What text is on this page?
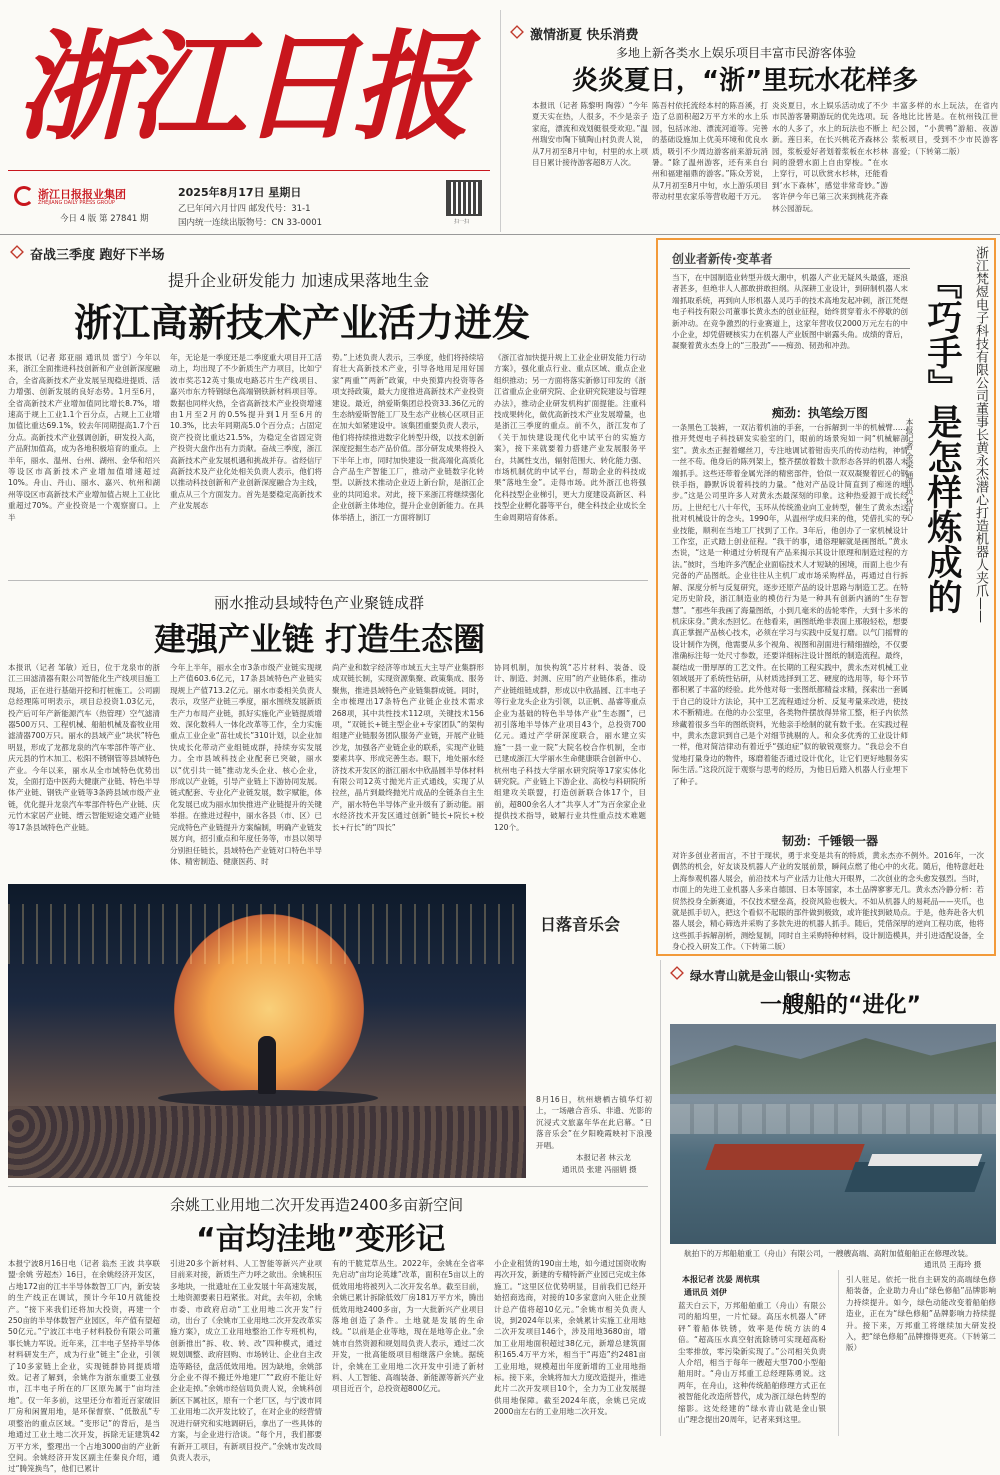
浙江日报
浙江日报报业集团
ZHEJIANG DAILY PRESS GROUP
今日 4 版 第 27841 期
2025年8月17日 星期日
乙巳年闰六月廿四 邮发代号：31-1
国内统一连续出版物号：CN 33-0001	扫一扫
激情浙夏 快乐消费
多地上新各类水上娱乐项目丰富市民游客体验
炎炎夏日，“浙”里玩水花样多
本报讯（记者 陈黎明 陶蓉）“今年夏天实在热，人很多，不少是亲子家庭，漂流和戏划艇很受欢迎。”温州瑞安市陶下镇陶山村负责人说，从7月初至8月中旬，村里的水上项目日累计接待游客超8万人次。
陈吾村依托流经本村的陈吾溪，打造了总面积超2万平方米的水上乐园，包括冰池、漂流河道等。完善的基础设施加上优美环境和优良水质，吸引不少周边游客前来游玩消暑。“除了温州游客，还有来自台州和福建福鼎的游客。”陈众芳说，从7月初至8月中旬，水上游乐项目带动村里农家乐等营收超千万元。
炎炎夏日，水上娱乐活动成了不少市民游客暑期游玩的优先选项。玩水的人多了，水上的玩法也不断上新。莲日来，在长兴桃花齐森林公园，浆板爱好者划着浆板在水杉林间的澄碧水面上自由穿梭。“在水上穿行，可以欣赏水杉林，还能看到‘水下森林’，感觉非常奇妙。”游客许伊今年已第三次来到桃花齐森林公园游玩。
丰富多样的水上玩法，在省内各地比比皆是。在杭州钱江世纪公园，“小黄鸭”游船、夜游浆板项目，受到不少市民游客喜爱；（下转第二版）
奋战三季度 跑好下半场
提升企业研发能力 加速成果落地生金
浙江高新技术产业活力迸发
本报讯（记者 郑亚丽 通讯员 雷宁）今年以来，浙江全面推进科技创新和产业创新深度融合，全省高新技术产业发展呈现稳进提质、活力增强、创新发展的良好态势。1月至6月，全省高新技术产业增加值同比增长8.7%，增速高于规上工业1.1个百分点，占规上工业增加值比重达69.1%，较去年同期提高1.7个百分点。高新技术产业强调创新，研发投入高，产品附加值高，成为各地积极培育的重点。上半年，丽水、温州、台州、湖州、金华和绍兴等设区市高新技术产业增加值增速超过10%。舟山、丹山、丽水、嘉兴、杭州和湖州等设区市高新技术产业增加值占规上工业比重超过70%。产业投资是一个观察窗口。上半
年，无论是一季度还是二季度重大项目开工活动上，均出现了不少新质生产力项目，比如宁波市奖芯12英寸集成电路芯片生产线项目、嘉兴市东方特钢绿色高端钢铁新材料项目等。数据也同样火热，全省高新技术产业投资增速由1月至2月的0.5%提升到1月至6月的10.3%，比去年同期高5.0个百分点；占固定资产投资比重达21.5%，为稳定全省固定资产投资大盘作出有力贡献。奋战三季度，浙江高新技术产业发展机遇和挑战并存。省经信厅高新技术及产业化处相关负责人表示，他们将以推动科技创新和产业创新深度融合为主线，重点从三个方面发力。首先是要稳定高新技术产业发展态
势。”上述负责人表示，三季度，他们将持续培育壮大高新技术产业，引导各地用足用好国家“两重”“两新”政策，中央预算内投资等各项支持政策，最大力度推进高新技术产业投资建设。最近，纳爱斯集团总投资33.36亿元的生态纳爱斯智能工厂及生态产业核心区项目正在加大如紧建设中。该集团重要负责人表示，他们将持续推进数字化转型升级，以技术创新深度挖掘生态产品价值。部分研发成果将投入下半年上市，同时加快建设一批高端化高质化合产品生产智能工厂，推动产业链数字化转型。以新技术推动企业迈上新台阶，是浙江企业的共同追求。对此，接下来浙江将继续强化企业创新主体地位，提升企业创新能力。在具体举措上，浙江一方面将制订
《浙江省加快提升规上工业企业研发能力行动方案》，强化重点行业、重点区域、重点企业组织推动；另一方面将落实新修订印发的《浙江省重点企业研究院、企业研究院建设与管理办法》，推动企业研发机构扩面提能。注重科技成果转化，做优高新技术产业发展增量，也是浙江三季度的重点。前不久，浙江发布了《关于加快建设现代化中试平台的实施方案》，接下来就要着力搭建产业发展服务平台，共属性支出，辐射范围大、转化能力强、市场机制优的中试平台，帮助企业的科技成果“落地生金”。走得市场。此外浙江也将强化科技型企业梯引，更大力度建设高新区、科技型企业孵化器等平台，健全科技企业成长全生命周期培育体系。
丽水推动县域特色产业聚链成群
建强产业链 打造生态圈
本报讯（记者 邹敏）近日，位于龙泉市的浙江三田滤清器有限公司智能化生产线项目施工现场，正在进行基础开挖和打桩施工。公司副总经理陈可明表示，项目总投资1.03亿元，投产后可年产新能源汽车（热管理）空气滤清器500万只、工程机械、船舶机械及畜牧业用滤清器700万只。丽水的县域产业“块状”特色明显，形成了龙都龙泉的汽车零部件等产业、庆元县的竹木加工、松阳不锈钢管等县域特色产业。今年以来，丽水从全市域特色优势出发，全面打造中医药大健康产业链、特色半导体产业链、钢铁产业链等3条跨县域市级产业链，优化提升龙泉汽车零部件特色产业链、庆元竹木家居产业链、缙云智能短途交通产业链等17条县域特色产业链。
今年上半年，丽水全市3条市级产业链实现规上产值603.6亿元，17条县域特色产业链实现规上产值713.2亿元。丽水市委相关负责人表示，攻坚产业链三季度，丽水围绕发展新质生产力布局产业链，抓好实施化产业链提质增效、深化数科人一体化改革等工作，全力实施重点工业企业“苗壮成长”310计划，以企业加快成长化带动产业组链成群，持续夯实发展力。全市县域科技企业配套已突破，丽水以“优引共一链”推动龙头企业、核心企业，形成以产业链，引导产业链上下游协同发展。链式配套、专业化产业链发展，数字赋能，体化发展已成为丽水加快推进产业链提升的关键举措。在推进过程中，丽水各县（市、区）已完成特色产业链提升方案编制，明确产业链发展方向，招引重点和年度任务等，市县以领导分别担任链长，县域特色产业链对口特色半导体、精密制造、健康医药、时
尚产业和数字经济等市域五大主导产业集群形成双链长制，实现资源集聚、政策集成、服务聚焦，推进县域特色产业链集群成链。同时，全市梳理出17条特色产业链企业技术需求268项，其中共性技术112项，关键技术156项，“双链长+链主型企业+专家团队”的架构组建产业链服务团队服务产业链，开展产业链沙龙，加强各产业链企业的联系，实现产业链要素共享、形成完善生态。眼下，地处丽水经济技术开发区的浙江丽水中欣晶圆半导体材料有限公司12英寸抛光片正式通线，实现了从拉丝，晶片到最终抛光片成品的全链条自主生产，丽水特色半导体产业升级有了新动能。丽水经济技术开发区通过创新“链长+院长+校长+行长”的“四长”
协同机制，加快构筑“芯片材料、装备、设计、制造、封测、应用”的产业链体系，推动产业链组链成群，形成以中欣晶圆、江丰电子等行业龙头企业为引领，以正帆、晶睿等重点企业为基础的特色半导体产业“生态圈”，已初引落地半导体产业项目43个，总投资700亿元。通过产学研深度联合，丽水建立实施“一县一业一院”大院名校合作机制，全市已建成浙江大学丽水生命健康联合创新中心、杭州电子科技大学丽水研究院等17家实体化研究院。产业链上下游企业、高校与科研院所组建攻关联盟，打造创新联合体17个，目前，超800余名人才“共享人才”为百余家企业提供技术指导，破解行业共性重点技术难题120个。
创业者新传·变革者	浙江梵煜电子科技有限公司董事长黄永杰潜心打造机器人夹爪——
『巧手』是怎样炼成的
本报记者 金梁 通讯员 狄可心
当下，在中国制造业转型升级大潮中，机器人产业无疑风头最盛，逐浪者甚多，但绝非人人都敢拼敢担纲。从深耕工业设计，到研制机器人末端抓取系统，再到向人形机器人灵巧手的技术高地发起冲刺，浙江梵煜电子科技有限公司董事长黄永杰的创业征程，始终贯穿着永不停歇的创新冲动。在竞争激烈的行业赛道上，这家年营收仅2000万元左右的中小企业，却凭借硬核实力在机器人产业版图中崭露头角。成绩的背后，凝聚着黄永杰身上的“三股劲”——痴劲、韧劲和冲劲。
痴劲：执笔绘万图
一条黑色工装裤，一双沾着机油的手套，一台拆解到一半的机械臂……推开梵煜电子科技研发实验室的门，眼前的场景宛如一间“机械解剖室”。黄永杰正握着螺丝刀，专注地调试着钳齿夹爪的传动结构，神情一丝不苟。他身后的陈列架上，整齐摆放着数十款形态各异的机器人末端抓手。这些还带着金属光泽的精密部件，恰似一双双凝聚着匠心的钢铁手指，静默诉说着科技的力量。“他对产品设计简直到了痴迷的地步。”这是公司里许多人对黄永杰最深刻的印象。这种热爱源于成长经历。上世纪七八十年代，玉环从传统渔业向工业转型，催生了黄永杰这批对机械设计的念头。1990年，从温州学成归来的他，凭借扎实的专业技能，顺利在当地工厂找到了工作。3年后，他创办了一家机械设计工作室，正式踏上创业征程。“我干的事，通俗理解就是画图纸。”黄永杰说，“这是一种通过分析现有产品来揭示其设计原理和制造过程的方法。”彼时，当地许多汽配企业面临技术人才短缺的困境，而面上也少有完备的产品图纸。企业往往从主机厂或市场采购样品，再通过自行拆解、深度分析与反复研究，逐步还原产品的设计思路与制造工艺。在特定历史阶段，浙江制造业的模仿行为是一种具有创新内涵的“生存智慧”。“那些年我画了海量图纸，小到几毫米的齿轮零件，大到十多米的机床床身。”黄永杰回忆。在他看来，画图纸绝非表面上那般轻松，想要真正掌握产品核心技术，必须在学习与实践中反复打磨。以气门摇臂的设计制作为例，他需要从多个视角、视图和剖面进行精细描绘，不仅要准确标注每一处尺寸参数，还要详细标注设计图纸的制造流程。最终，凝结成一册厚厚的工艺文件。在长期的工程实践中，黄永杰对机械工业领域展开了系统性钻研，从材质选择到工艺、硬度的选用等，每个环节都积累了丰富的经验。此外他对每一张图纸都精益求精，探索出一套属于自己的设计方法论，其中工艺流程通过分析、反复考量来改进，使技术不断精进。在他的办公室里，各类物件摆放得异常工整，柜子内依然珍藏着很多当年的图纸资料，光他亲手绘制的就有数千张。在实践过程中，黄永杰意识到自己是个对细节挑剔的人。和众多优秀的工业设计师一样，他对简洁律动有着近乎“强迫症”似的敏锐观察力。“我总会不自觉地打量身边的物件，琢磨着能否通过设计优化，让它们更好地服务实际生活。”这段沉淀于观察与思考的经历，为他日后踏入机器人行业埋下了种子。
韧劲：千锤锻一器
对许多创业者而言，不甘于现状，勇于求变是共有的特质，黄永杰亦不例外。2016年，一次偶然的机会，好友谈及机器人产业的发展前景，瞬间点燃了他心中的火花。随后，他特意赶赴上海参观机器人展会，前沿技术与产业活力让他大开眼界，二次创业的念头愈发强烈。当时，市面上的先进工业机器人多来自德国、日本等国家，本土品牌寥寥无几。黄永杰冷静分析：若贸然投身全新赛道，不仅技术壁垒高，投资风险也极大。不如从机器人的易耗品——夹爪，也就是抓手切入，把这个看似不起眼的部件做到极致，或许能找到破局点。于是，他奔赴各大机器人展会，精心筛选并采购了多款先进的机器人抓手。随后，凭借深厚的逆向工程功底，他将这些抓手拆解剖析，测绘复制，同时自主采购特种材料，设计制造模具，并引进适配设备，全身心投入研发工作。（下转第二版）
日落音乐会
8月16日，杭州塘栖古镇华灯初上，一场融合音乐、非遗、光影的沉浸式文旅嘉年华在此启幕。“日落音乐会”在夕阳晚霞映衬下浪漫开唱。
本报记者 林云龙
通讯员 张建 冯丽娟 摄
余姚工业用地二次开发再造2400多亩新空间
“亩均洼地”变形记
本报宁波8月16日电（记者 翁杰 王波 共享联盟·余姚 劳超杰）16日，在余姚经济开发区，占地172亩的江丰半导体数智工厂内，新安装的生产线正在调试，预计今年10月就能投产。“接下来我们还将加大投资，再建一个250亩的半导体数智产业园区，年产值有望超50亿元。”宁波江丰电子材料股份有限公司董事长姚力军说。近年来，江丰电子坚持半导体材料研发生产，成为行业“链主”企业，引领了10多家链上企业，实现链群协同提质增效。记者了解到，余姚作为浙东重要工业强市，江丰电子所在的厂区原先属于“亩均洼地”。仅一年多前，这里还分布着近百家破旧厂房和闲置用地，是环保督察、“低散乱”专项整治的重点区域。“变形记”的背后，是当地通过工业土地二次开发，拆除无证建筑42万平方米，整理出一个占地3000亩的产业新空间。余姚经济开发区副主任秦良介绍，通过“腾笼换鸟”，他们已累计
引进20多个新材料、人工智能等新兴产业项目前来对接，新质生产力呼之欲出。余姚积压多地块，一批遗址在工业发展十年高速发展，土地资源要素日趋紧张。对此，去年初，余姚市委、市政府启动“工业用地二次开发”行动，出台了《余姚市工业用地二次开发改革实施方案》，成立工业用地整治工作专班机构，创新推出“拆、收、转、改”四种模式，通过规划调整、政府回购、市场转让、企业自主改造等路径，盘活低效用地。因为缺地，余姚部分企业不得不搬迁外地建厂”“政府不能让好企业走掉。”余姚市经信局负责人说，余姚科创新区下属社区，原有一个老厂区，与宁波市同工业用地二次开发比较了，在对企业的经营情况进行研究和实地调研后，拿出了一些具体的方案，与企业进行洽谈。“每个月，我们都要有新开工项目，有新项目投产。”余姚市发改局负责人表示，
有的干脆荒草丛生。2022年，余姚在全省率先启动“亩均论英雄”改革，面积在5亩以上的低效用地将被列入二次开发名单。截至目前，余姚已累计拆除低效厂房181万平方米，腾出低效用地2400多亩，为一大批新兴产业项目落地创造了条件。土地就是发展的生命线。“以前是企业等地，现在是地等企业。”余姚市自然资源和规划局负责人表示，通过二次开发，一批高能级项目相继落户余姚。据统计，余姚在工业用地二次开发中引进了新材料、人工智能、高端装备、新能源等新兴产业项目近百个，总投资超800亿元。
小企业租赁的190亩土地，如今通过国资收购再次开发，新建的专精特新产业园已完成主体施工。“这里区位优势明显，目前我们已经开始招商选商，对接的10多家意向入驻企业预计总产值将超10亿元。”余姚市相关负责人说，到2024年以来，余姚累计实施工业用地二次开发项目146个，涉及用地3680亩，增加工业用地面积超过38亿元，新增总建筑面积165.4万平方米，相当于“再造”约2481亩工业用地，规模超出年度新增的工业用地指标。接下来，余姚将加大力度改造提升，推进此片二次开发项目10个，全力为工业发展提供用地保障。截至2024年底，余姚已完成2000亩左右的工业用地二次开发。
绿水青山就是金山银山·实物志
一艘船的“进化”
航拍下的万邦船舶重工（舟山）有限公司，一艘艘高端、高附加值船舶正在修理改装。
通讯员 王海玲 摄
本报记者 沈晏 周杭琪
通讯员 刘伊
蓝天白云下，万邦船舶重工（舟山）有限公司的船坞里，一片忙碌。高压水机器人“砰砰”着船体铁锈，效率是传统方法的4倍。“超高压水真空射流除锈可实现超高粉尘零排放，零污染新实现了。”公司相关负责人介绍，相当于每年一艘超大型700小型船舶用时。“舟山万邦重工总经理陈勇说。这两年，在舟山，这种传统船舶修理方式正在被智能化改造所替代，成为浙江绿色转型的缩影。这处经建的“绿水青山就是金山银山”理念提出20周年，记者来到这里。
引人驻足。依托一批自主研发的高端绿色修船装备，企业助力舟山“绿色修船”品牌影响力持续提升。如今，绿色动能改变着船舶修造业，正在为“绿色修船”品牌影响力持续提升。接下来，万邦重工将继续加大研发投入，把“绿色修船”品牌擦得更亮。（下转第二版）
